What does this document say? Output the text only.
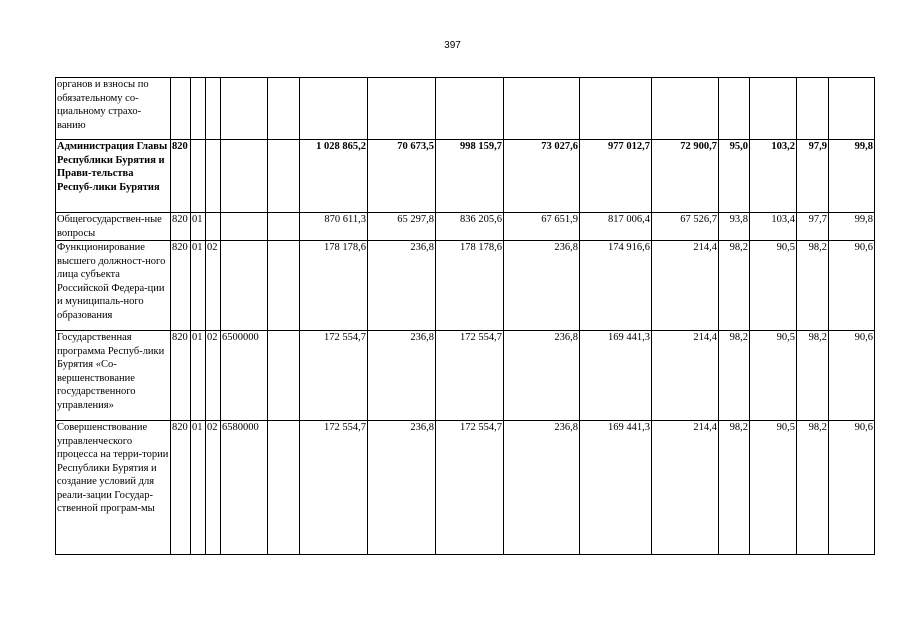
397
органов и взносы по обязательному со-циальному страхо-ванию															
Администрация Главы Республики Бурятия и Прави-тельства Респуб-лики Бурятия	820					1 028 865,2	70 673,5	998 159,7	73 027,6	977 012,7	72 900,7	95,0	103,2	97,9	99,8
Общегосударствен-ные вопросы	820	01				870 611,3	65 297,8	836 205,6	67 651,9	817 006,4	67 526,7	93,8	103,4	97,7	99,8
Функционирование высшего должност-ного лица субъекта Российской Федера-ции и муниципаль-ного образования	820	01	02			178 178,6	236,8	178 178,6	236,8	174 916,6	214,4	98,2	90,5	98,2	90,6
Государственная программа Респуб-лики Бурятия «Со-вершенствование государственного управления»	820	01	02	6500000		172 554,7	236,8	172 554,7	236,8	169 441,3	214,4	98,2	90,5	98,2	90,6
Совершенствование управленческого процесса на терри-тории Республики Бурятия и создание условий для реали-зации Государ-ственной програм-мы	820	01	02	6580000		172 554,7	236,8	172 554,7	236,8	169 441,3	214,4	98,2	90,5	98,2	90,6
